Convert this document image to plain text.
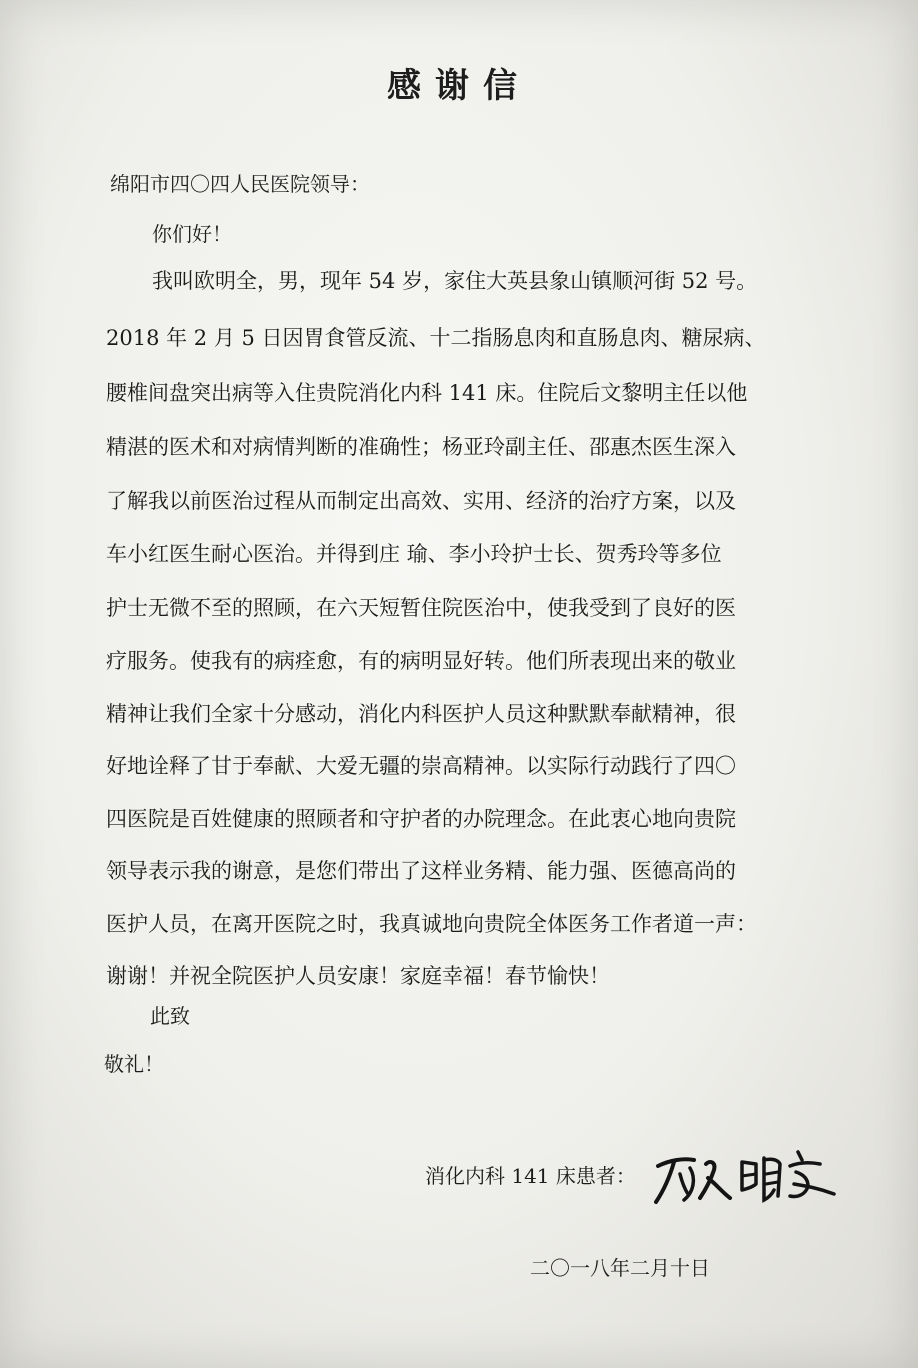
感谢信
绵阳市四〇四人民医院领导：
你们好！
我叫欧明全，男，现年 54 岁，家住大英县象山镇顺河街 52 号。
2018 年 2 月 5 日因胃食管反流、十二指肠息肉和直肠息肉、糖尿病、
腰椎间盘突出病等入住贵院消化内科 141 床。住院后文黎明主任以他
精湛的医术和对病情判断的准确性；杨亚玲副主任、邵惠杰医生深入
了解我以前医治过程从而制定出高效、实用、经济的治疗方案，以及
车小红医生耐心医治。并得到庄 瑜、李小玲护士长、贺秀玲等多位
护士无微不至的照顾，在六天短暂住院医治中，使我受到了良好的医
疗服务。使我有的病痊愈，有的病明显好转。他们所表现出来的敬业
精神让我们全家十分感动，消化内科医护人员这种默默奉献精神，很
好地诠释了甘于奉献、大爱无疆的崇高精神。以实际行动践行了四〇
四医院是百姓健康的照顾者和守护者的办院理念。在此衷心地向贵院
领导表示我的谢意，是您们带出了这样业务精、能力强、医德高尚的
医护人员，在离开医院之时，我真诚地向贵院全体医务工作者道一声：
谢谢！并祝全院医护人员安康！家庭幸福！春节愉快！
此致
敬礼！
消化内科 141 床患者：
二〇一八年二月十日
